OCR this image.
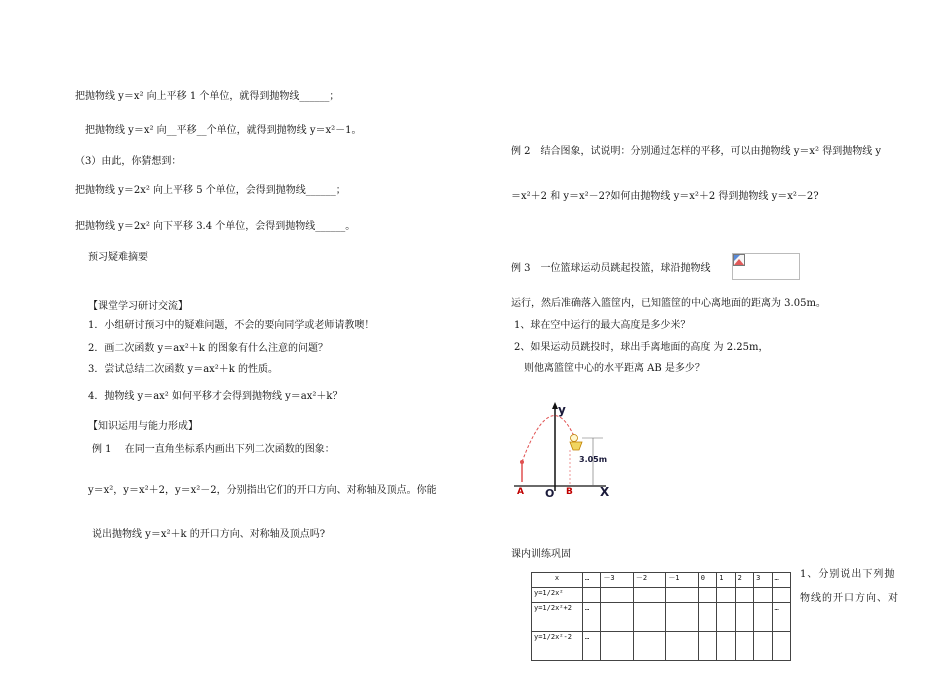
把抛物线 y＝x² 向上平移 1 个单位，就得到抛物线______；
把抛物线 y＝x² 向__平移__个单位，就得到抛物线 y＝x²－1。
（3）由此，你猜想到：
把抛物线 y＝2x² 向上平移 5 个单位，会得到抛物线______；
把抛物线 y＝2x² 向下平移 3.4 个单位，会得到抛物线______。
预习疑难摘要
【课堂学习研讨交流】
1．小组研讨预习中的疑难问题，不会的要向同学或老师请教噢！
2．画二次函数 y＝ax²＋k 的图象有什么注意的问题？
3．尝试总结二次函数 y＝ax²＋k 的性质。
4．抛物线 y＝ax² 如何平移才会得到抛物线 y＝ax²＋k？
【知识运用与能力形成】
例 1　 在同一直角坐标系内画出下列二次函数的图象：
y＝x²，y＝x²＋2，y＝x²－2，分别指出它们的开口方向、对称轴及顶点。你能
说出抛物线 y＝x²＋k 的开口方向、对称轴及顶点吗?
例 2　结合图象，试说明：分别通过怎样的平移，可以由抛物线 y＝x² 得到抛物线 y
＝x²＋2 和 y＝x²－2?如何由抛物线 y＝x²＋2 得到抛物线 y＝x²－2?
例 3　一位篮球运动员跳起投篮，球沿抛物线
运行，然后准确落入篮筐内，已知篮筐的中心离地面的距离为 3.05m。
1、球在空中运行的最大高度是多少米？
2、如果运动员跳投时，球出手离地面的高度 为 2.25m，
则他离篮筐中心的水平距离 AB 是多少？
y
X
O
A	B
3.05m
课内训练巩固
x	…	－3	－2	－1	0	1	2	3	…
y=1/2x²									
y=1/2x²+2	…								…
y=1/2x²-2	…								
1、分别说出下列抛
物线的开口方向、对
